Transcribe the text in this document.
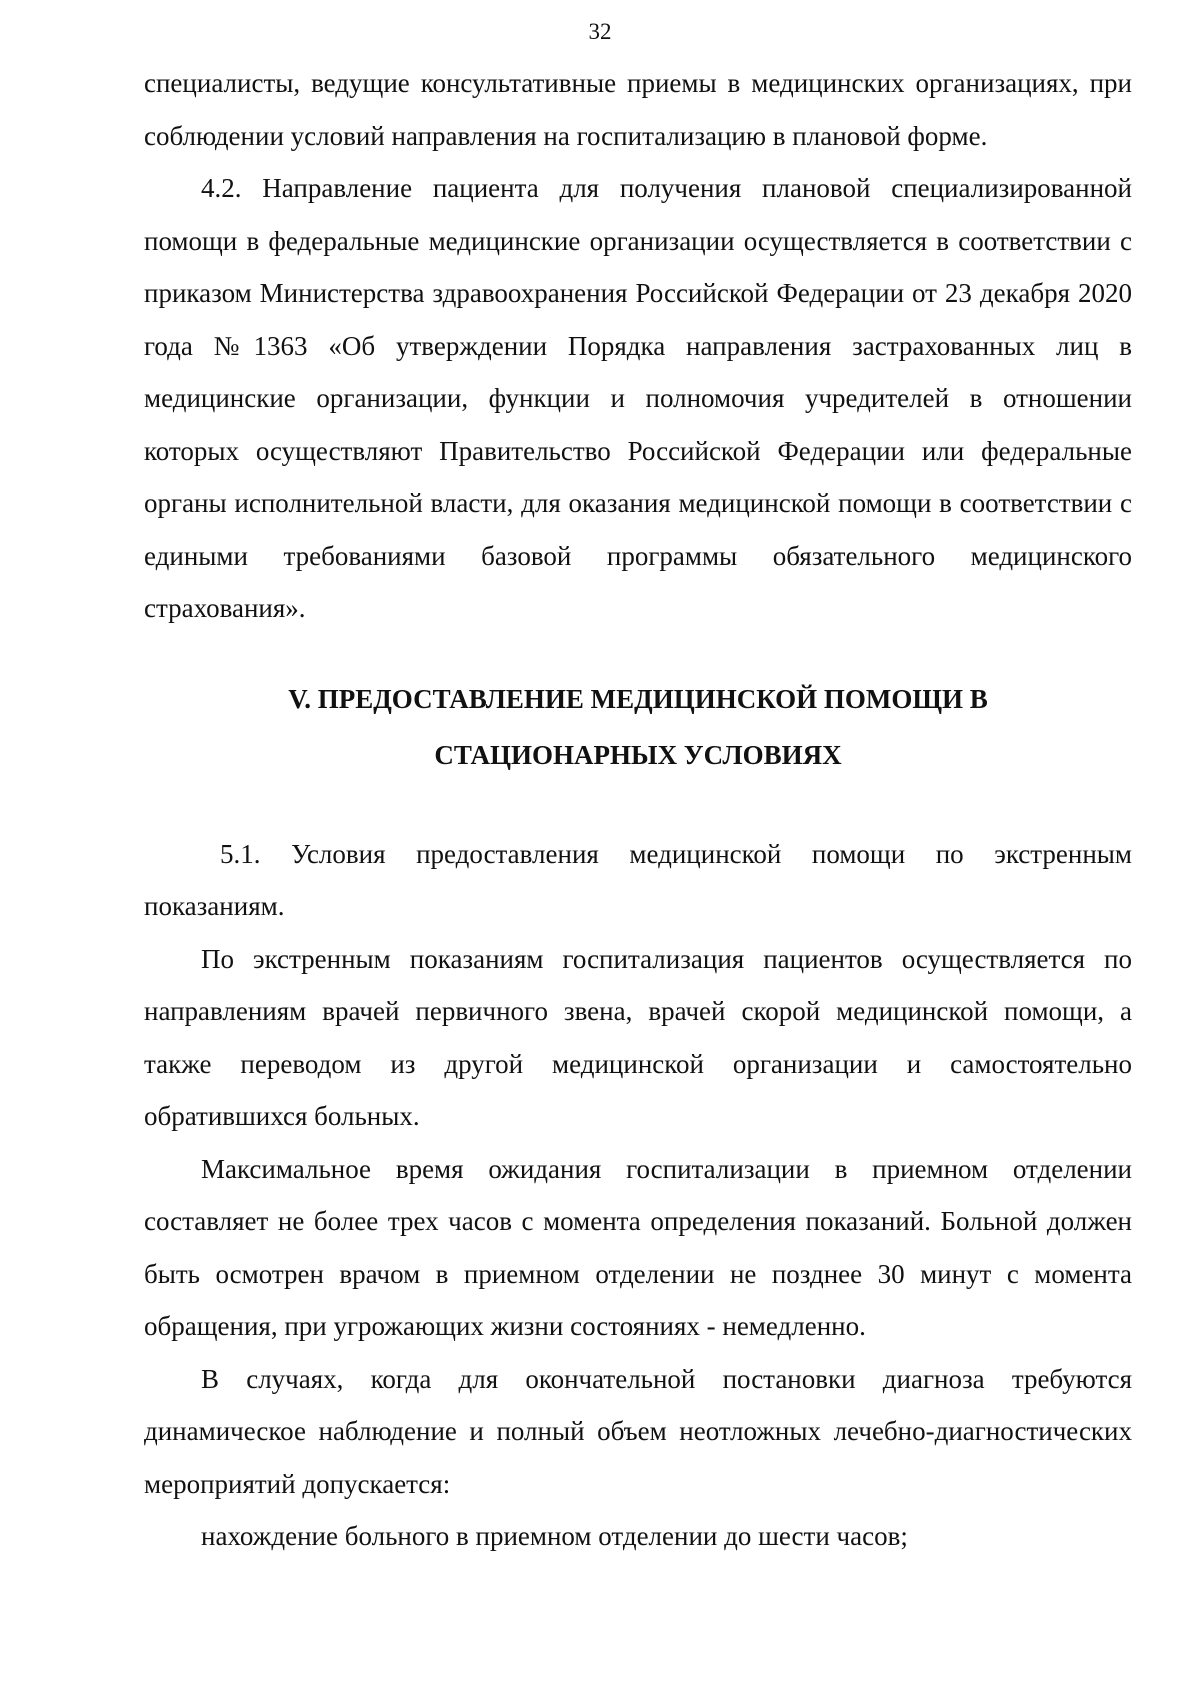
32

специалисты, ведущие консультативные приемы в медицинских организациях, при соблюдении условий направления на госпитализацию в плановой форме.

4.2. Направление пациента для получения плановой специализированной помощи в федеральные медицинские организации осуществляется в соответствии с приказом Министерства здравоохранения Российской Федерации от 23 декабря 2020 года №1363 «Об утверждении Порядка направления застрахованных лиц в медицинские организации, функции и полномочия учредителей в отношении которых осуществляют Правительство Российской Федерации или федеральные органы исполнительной власти, для оказания медицинской помощи в соответствии с едиными требованиями базовой программы обязательного медицинского страхования».

V. ПРЕДОСТАВЛЕНИЕ МЕДИЦИНСКОЙ ПОМОЩИ В
СТАЦИОНАРНЫХ УСЛОВИЯХ

5.1. Условия предоставления медицинской помощи по экстренным показаниям.

По экстренным показаниям госпитализация пациентов осуществляется по направлениям врачей первичного звена, врачей скорой медицинской помощи, а также переводом из другой медицинской организации и самостоятельно обратившихся больных.

Максимальное время ожидания госпитализации в приемном отделении составляет не более трех часов с момента определения показаний. Больной должен быть осмотрен врачом в приемном отделении не позднее 30 минут с момента обращения, при угрожающих жизни состояниях - немедленно.

В случаях, когда для окончательной постановки диагноза требуются динамическое наблюдение и полный объем неотложных лечебно-диагностических мероприятий допускается:

нахождение больного в приемном отделении до шести часов;
